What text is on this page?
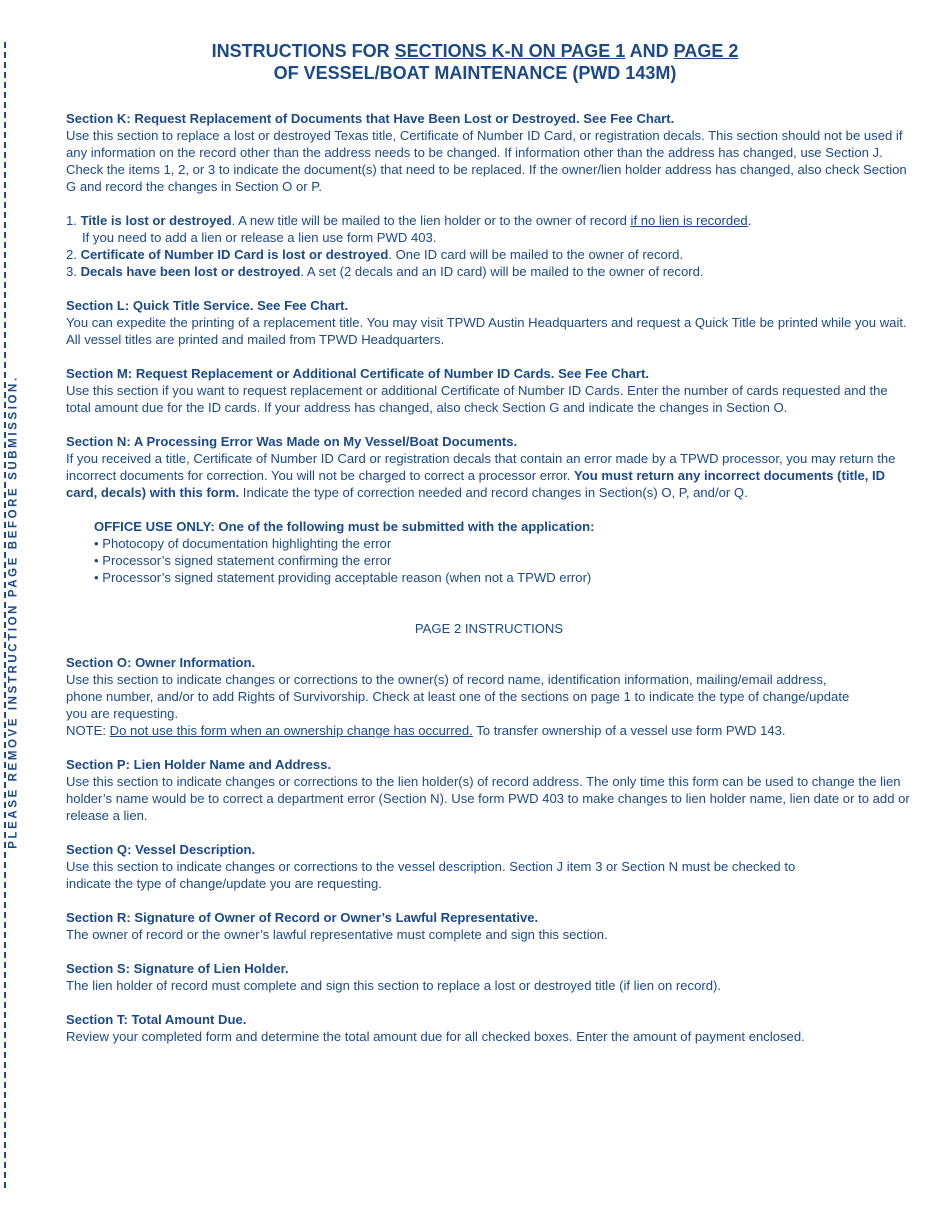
PLEASE REMOVE INSTRUCTION PAGE BEFORE SUBMISSION.
INSTRUCTIONS FOR SECTIONS K-N ON PAGE 1 AND PAGE 2
OF VESSEL/BOAT MAINTENANCE (PWD 143M)

Section K: Request Replacement of Documents that Have Been Lost or Destroyed. See Fee Chart.

Use this section to replace a lost or destroyed Texas title, Certificate of Number ID Card, or registration decals. This section should not be used if any information on the record other than the address needs to be changed. If information other than the address has changed, use Section J. Check the items 1, 2, or 3 to indicate the document(s) that need to be replaced. If the owner/lien holder address has changed, also check Section G and record the changes in Section O or P.

1. Title is lost or destroyed. A new title will be mailed to the lien holder or to the owner of record if no lien is recorded.

If you need to add a lien or release a lien use form PWD 403.

2. Certificate of Number ID Card is lost or destroyed. One ID card will be mailed to the owner of record.

3. Decals have been lost or destroyed. A set (2 decals and an ID card) will be mailed to the owner of record.

Section L: Quick Title Service. See Fee Chart.

You can expedite the printing of a replacement title. You may visit TPWD Austin Headquarters and request a Quick Title be printed while you wait. All vessel titles are printed and mailed from TPWD Headquarters.

Section M: Request Replacement or Additional Certificate of Number ID Cards. See Fee Chart.

Use this section if you want to request replacement or additional Certificate of Number ID Cards. Enter the number of cards requested and the total amount due for the ID cards. If your address has changed, also check Section G and indicate the changes in Section O.

Section N: A Processing Error Was Made on My Vessel/Boat Documents.

If you received a title, Certificate of Number ID Card or registration decals that contain an error made by a TPWD processor, you may return the incorrect documents for correction. You will not be charged to correct a processor error. You must return any incorrect documents (title, ID card, decals) with this form. Indicate the type of correction needed and record changes in Section(s) O, P, and/or Q.

OFFICE USE ONLY: One of the following must be submitted with the application:

• Photocopy of documentation highlighting the error

• Processor’s signed statement confirming the error

• Processor’s signed statement providing acceptable reason (when not a TPWD error)

PAGE 2 INSTRUCTIONS

Section O: Owner Information.

Use this section to indicate changes or corrections to the owner(s) of record name, identification information, mailing/email address,

phone number, and/or to add Rights of Survivorship. Check at least one of the sections on page 1 to indicate the type of change/update

you are requesting.

NOTE: Do not use this form when an ownership change has occurred. To transfer ownership of a vessel use form PWD 143.

Section P: Lien Holder Name and Address.

Use this section to indicate changes or corrections to the lien holder(s) of record address. The only time this form can be used to change the lien holder’s name would be to correct a department error (Section N). Use form PWD 403 to make changes to lien holder name, lien date or to add or release a lien.

Section Q: Vessel Description.

Use this section to indicate changes or corrections to the vessel description. Section J item 3 or Section N must be checked to

indicate the type of change/update you are requesting.

Section R: Signature of Owner of Record or Owner’s Lawful Representative.

The owner of record or the owner’s lawful representative must complete and sign this section.

Section S: Signature of Lien Holder.

The lien holder of record must complete and sign this section to replace a lost or destroyed title (if lien on record).

Section T: Total Amount Due.

Review your completed form and determine the total amount due for all checked boxes. Enter the amount of payment enclosed.
